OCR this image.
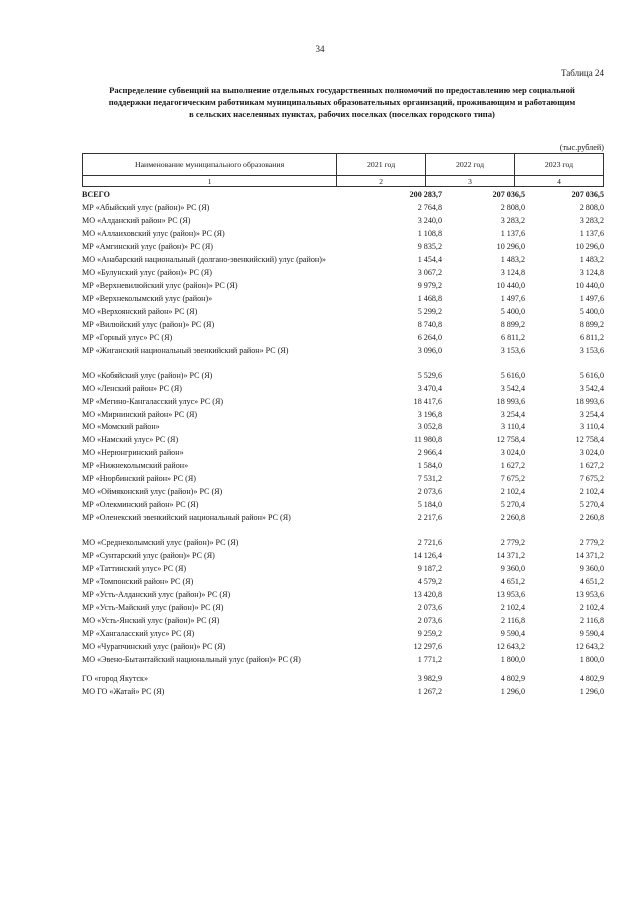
34
Таблица 24
Распределение субвенций на выполнение отдельных государственных полномочий по предоставлению мер социальной
поддержки педагогическим работникам муниципальных образовательных организаций, проживающим и работающим
в сельских населенных пунктах, рабочих поселках (поселках городского типа)
(тыс.рублей)
Наименование муниципального образования	2021 год	2022 год	2023 год
1	2	3	4
ВСЕГО	200 283,7	207 036,5	207 036,5
МР «Абыйский улус (район)» РС (Я)	2 764,8	2 808,0	2 808,0
МО «Алданский район» РС (Я)	3 240,0	3 283,2	3 283,2
МО «Аллаиховский улус (район)» РС (Я)	1 108,8	1 137,6	1 137,6
МР «Амгинский улус (район)» РС (Я)	9 835,2	10 296,0	10 296,0
МО «Анабарский национальный (долгано-эвенкийский) улус (район)»	1 454,4	1 483,2	1 483,2
МО «Булунский улус (район)» РС (Я)	3 067,2	3 124,8	3 124,8
МР «Верхневилюйский улус (район)» РС (Я)	9 979,2	10 440,0	10 440,0
МР «Верхнеколымский улус (район)»	1 468,8	1 497,6	1 497,6
МО «Верхоянский район» РС (Я)	5 299,2	5 400,0	5 400,0
МР «Вилюйский улус (район)» РС (Я)	8 740,8	8 899,2	8 899,2
МР «Горный улус» РС (Я)	6 264,0	6 811,2	6 811,2
МР «Жиганский национальный эвенкийский район» РС (Я)	3 096,0	3 153,6	3 153,6
МО «Кобяйский улус (район)» РС (Я)	5 529,6	5 616,0	5 616,0
МО «Ленский район» РС (Я)	3 470,4	3 542,4	3 542,4
МР «Мегино-Кангаласский улус» РС (Я)	18 417,6	18 993,6	18 993,6
МО «Мирнинский район» РС (Я)	3 196,8	3 254,4	3 254,4
МО «Момский район»	3 052,8	3 110,4	3 110,4
МО «Намский улус» РС (Я)	11 980,8	12 758,4	12 758,4
МО «Нерюнгринский район»	2 966,4	3 024,0	3 024,0
МР «Нижнеколымский район»	1 584,0	1 627,2	1 627,2
МР «Нюрбинский район» РС (Я)	7 531,2	7 675,2	7 675,2
МО «Оймяконский улус (район)» РС (Я)	2 073,6	2 102,4	2 102,4
МР «Олекминский район» РС (Я)	5 184,0	5 270,4	5 270,4
МР «Оленекский эвенкийский национальный район» РС (Я)	2 217,6	2 260,8	2 260,8
МО «Среднеколымский улус (район)» РС (Я)	2 721,6	2 779,2	2 779,2
МР «Сунтарский улус (район)» РС (Я)	14 126,4	14 371,2	14 371,2
МР «Таттинский улус» РС (Я)	9 187,2	9 360,0	9 360,0
МР «Томпонский район» РС (Я)	4 579,2	4 651,2	4 651,2
МР «Усть-Алданский улус (район)» РС (Я)	13 420,8	13 953,6	13 953,6
МР «Усть-Майский улус (район)» РС (Я)	2 073,6	2 102,4	2 102,4
МО «Усть-Янский улус (район)» РС (Я)	2 073,6	2 116,8	2 116,8
МР «Хангаласский улус» РС (Я)	9 259,2	9 590,4	9 590,4
МО «Чурапчинский улус (район)» РС (Я)	12 297,6	12 643,2	12 643,2
МО «Эвено-Бытантайский национальный улус (район)» РС (Я)	1 771,2	1 800,0	1 800,0
ГО «город Якутск»	3 982,9	4 802,9	4 802,9
МО ГО «Жатай» РС (Я)	1 267,2	1 296,0	1 296,0
